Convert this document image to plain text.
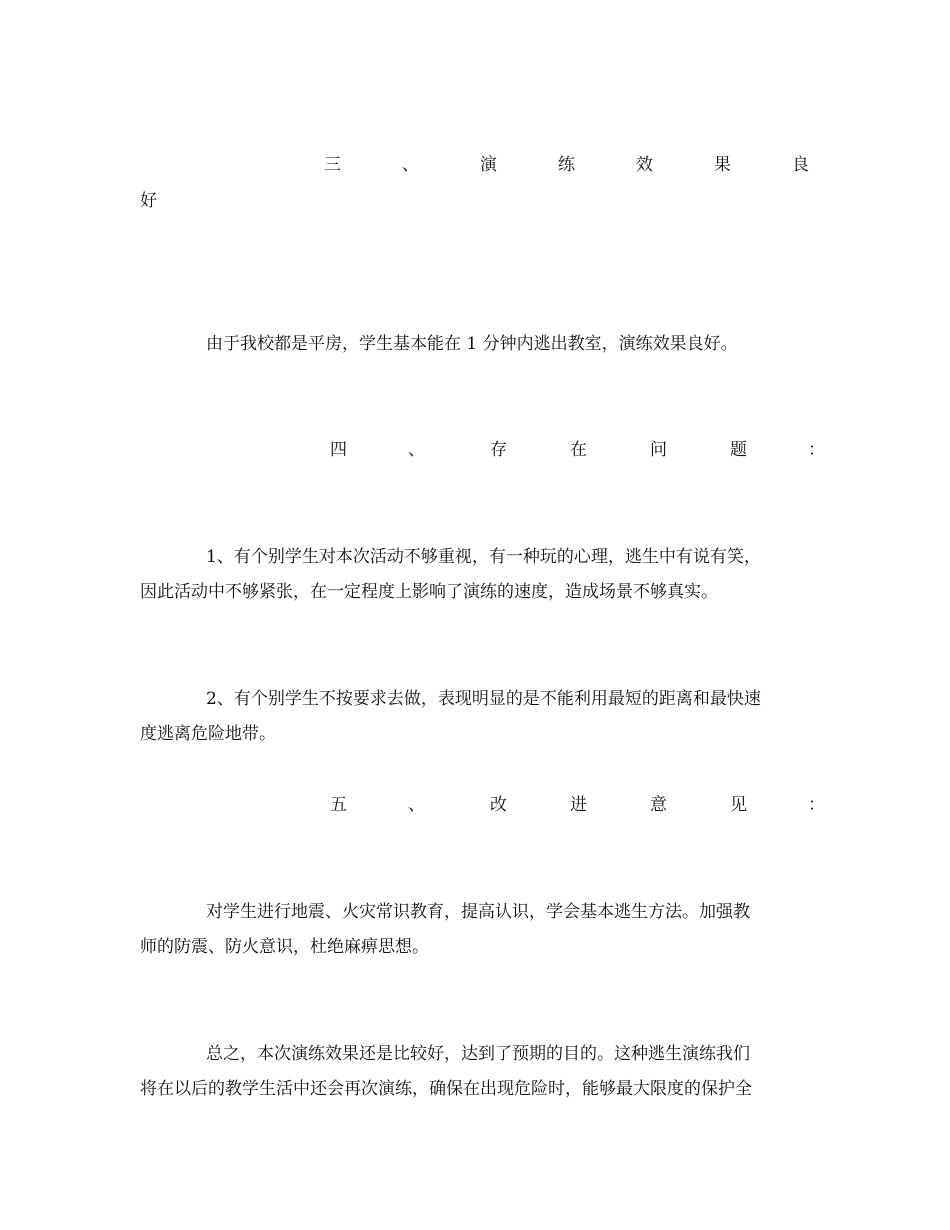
三	、	演	练	效	果	良
好
由于我校都是平房，学生基本能在 1 分钟内逃出教室，演练效果良好。
四	、	存	在	问	题	：
1、有个别学生对本次活动不够重视，有一种玩的心理，逃生中有说有笑，
因此活动中不够紧张，在一定程度上影响了演练的速度，造成场景不够真实。
2、有个别学生不按要求去做，表现明显的是不能利用最短的距离和最快速
度逃离危险地带。
五	、	改	进	意	见	：
对学生进行地震、火灾常识教育，提高认识，学会基本逃生方法。加强教
师的防震、防火意识，杜绝麻痹思想。
总之，本次演练效果还是比较好，达到了预期的目的。这种逃生演练我们
将在以后的教学生活中还会再次演练，确保在出现危险时，能够最大限度的保护全
